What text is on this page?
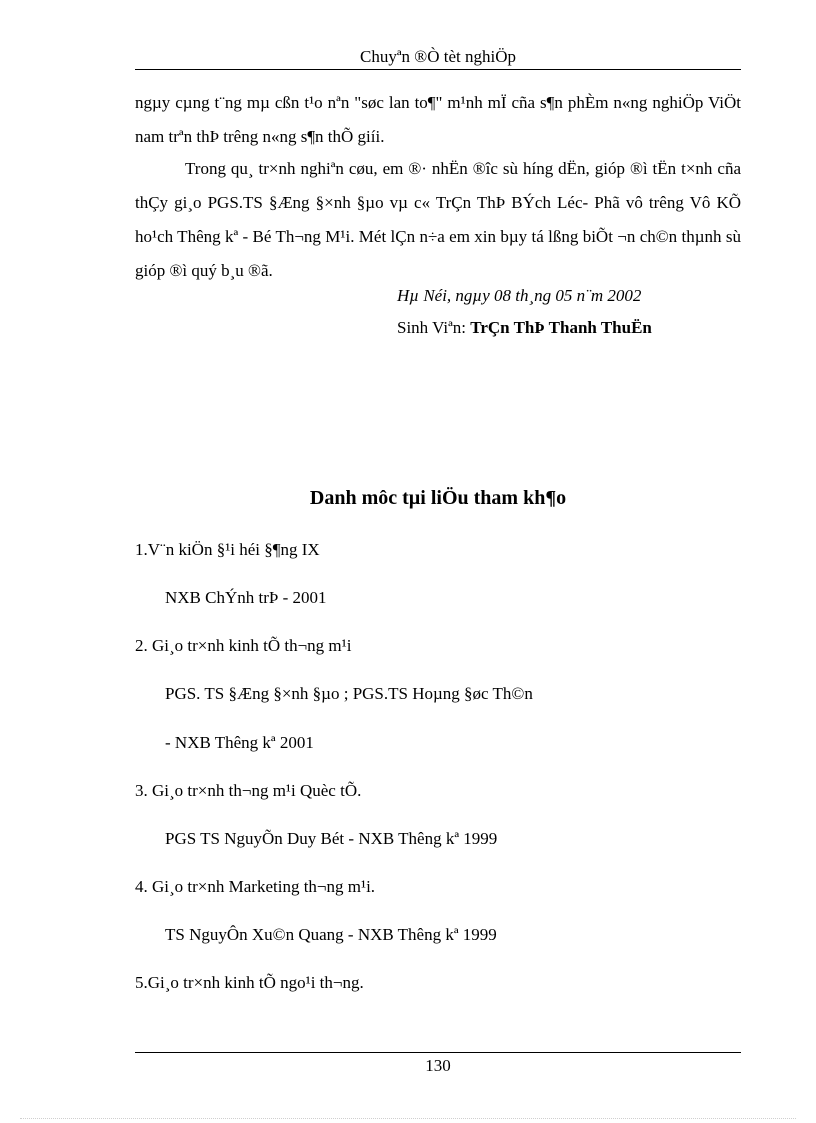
Chuyªn ®Ò tèt nghiÖp

ngµy cµng t¨ng mµ cßn t¹o nªn "søc lan to¶" m¹nh mÏ cña s¶n phÈm n«ng nghiÖp ViÖt nam trªn thÞ trêng n«ng s¶n thÕ giíi.

Trong qu¸ tr×nh nghiªn cøu, em ®· nhËn ®îc sù híng dËn, gióp ®ì tËn t×nh cña thÇy gi¸o PGS.TS §Æng §×nh §µo vµ c« TrÇn ThÞ BÝch Léc- Phã vô trêng Vô KÕ ho¹ch Thêng kª - Bé Th¬ng M¹i. Mét lÇn n÷a em xin bµy tá lßng biÕt ¬n ch©n thµnh sù gióp ®ì quý b¸u ®ã.

Hµ Néi, ngµy 08 th¸ng 05 n¨m 2002
Sinh Viªn: TrÇn ThÞ Thanh ThuËn
Danh môc tµi liÖu tham kh¶o
1.V¨n kiÖn §¹i héi §¶ng IX
NXB ChÝnh trÞ - 2001
2. Gi¸o tr×nh kinh tÕ th¬ng m¹i
PGS. TS §Æng §×nh §µo ; PGS.TS Hoµng §øc Th©n
- NXB Thêng kª 2001
3. Gi¸o tr×nh th¬ng m¹i Quèc tÕ.
PGS TS NguyÕn Duy Bét - NXB Thêng kª 1999
4. Gi¸o tr×nh Marketing th¬ng m¹i.
TS NguyÔn Xu©n Quang - NXB Thêng kª 1999
5.Gi¸o tr×nh kinh tÕ ngo¹i th¬ng.
130
